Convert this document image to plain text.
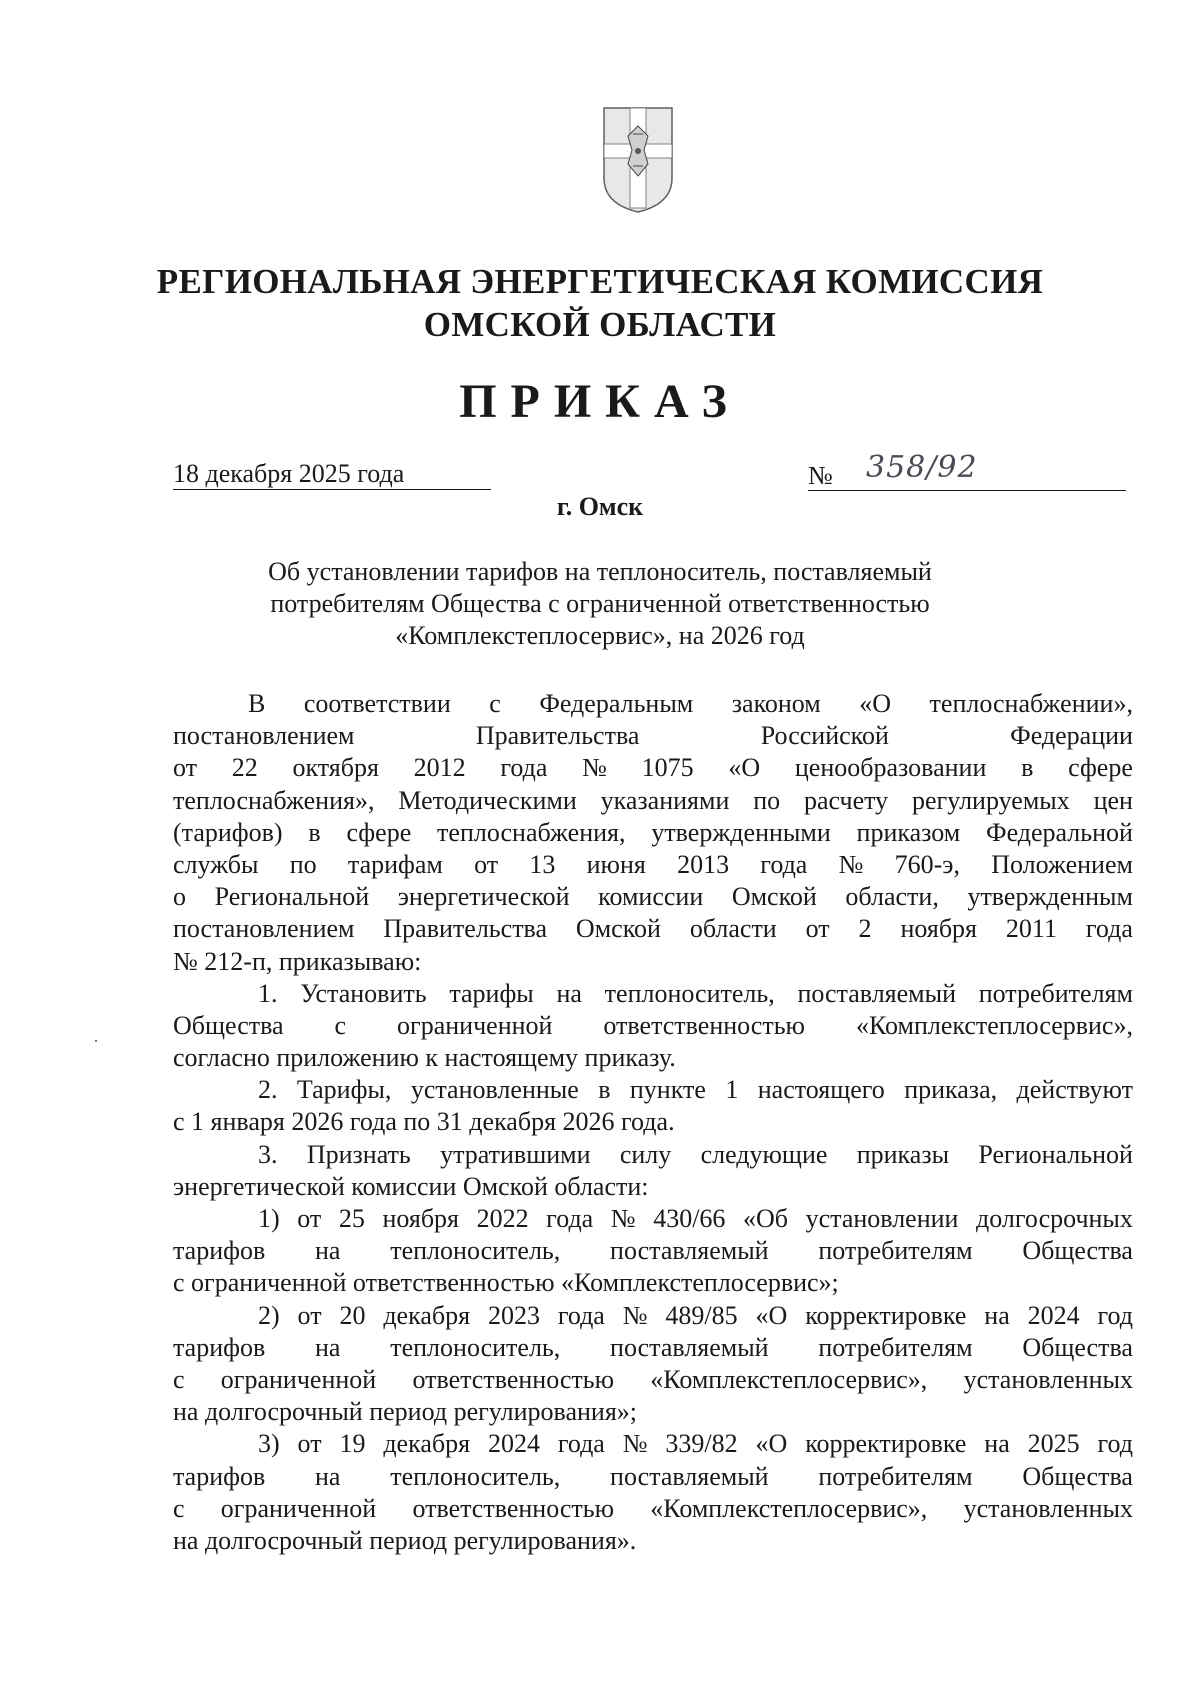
РЕГИОНАЛЬНАЯ ЭНЕРГЕТИЧЕСКАЯ КОМИССИЯ
ОМСКОЙ ОБЛАСТИ
ПРИКАЗ
18 декабря 2025 года	№ 358/92
г. Омск
Об установлении тарифов на теплоноситель, поставляемый
потребителям Общества с ограниченной ответственностью
«Комплекстеплосервис», на 2026 год
В соответствии с Федеральным законом «О теплоснабжении»,
постановлением	Правительства	Российской	Федерации
от 22 октября 2012 года № 1075 «О ценообразовании в сфере
теплоснабжения», Методическими указаниями по расчету регулируемых цен
(тарифов) в сфере теплоснабжения, утвержденными приказом Федеральной
службы по тарифам от 13 июня 2013 года № 760-э, Положением
о Региональной энергетической комиссии Омской области, утвержденным
постановлением Правительства Омской области от 2 ноября 2011 года
№ 212-п, приказываю:
1. Установить тарифы на теплоноситель, поставляемый потребителям
Общества с ограниченной ответственностью «Комплекстеплосервис»,
согласно приложению к настоящему приказу.
2. Тарифы, установленные в пункте 1 настоящего приказа, действуют
с 1 января 2026 года по 31 декабря 2026 года.
3. Признать утратившими силу следующие приказы Региональной
энергетической комиссии Омской области:
1) от 25 ноября 2022 года № 430/66 «Об установлении долгосрочных
тарифов на теплоноситель, поставляемый потребителям Общества
с ограниченной ответственностью «Комплекстеплосервис»;
2) от 20 декабря 2023 года № 489/85 «О корректировке на 2024 год
тарифов на теплоноситель, поставляемый потребителям Общества
с ограниченной ответственностью «Комплекстеплосервис», установленных
на долгосрочный период регулирования»;
3) от 19 декабря 2024 года № 339/82 «О корректировке на 2025 год
тарифов на теплоноситель, поставляемый потребителям Общества
с ограниченной ответственностью «Комплекстеплосервис», установленных
на долгосрочный период регулирования».
